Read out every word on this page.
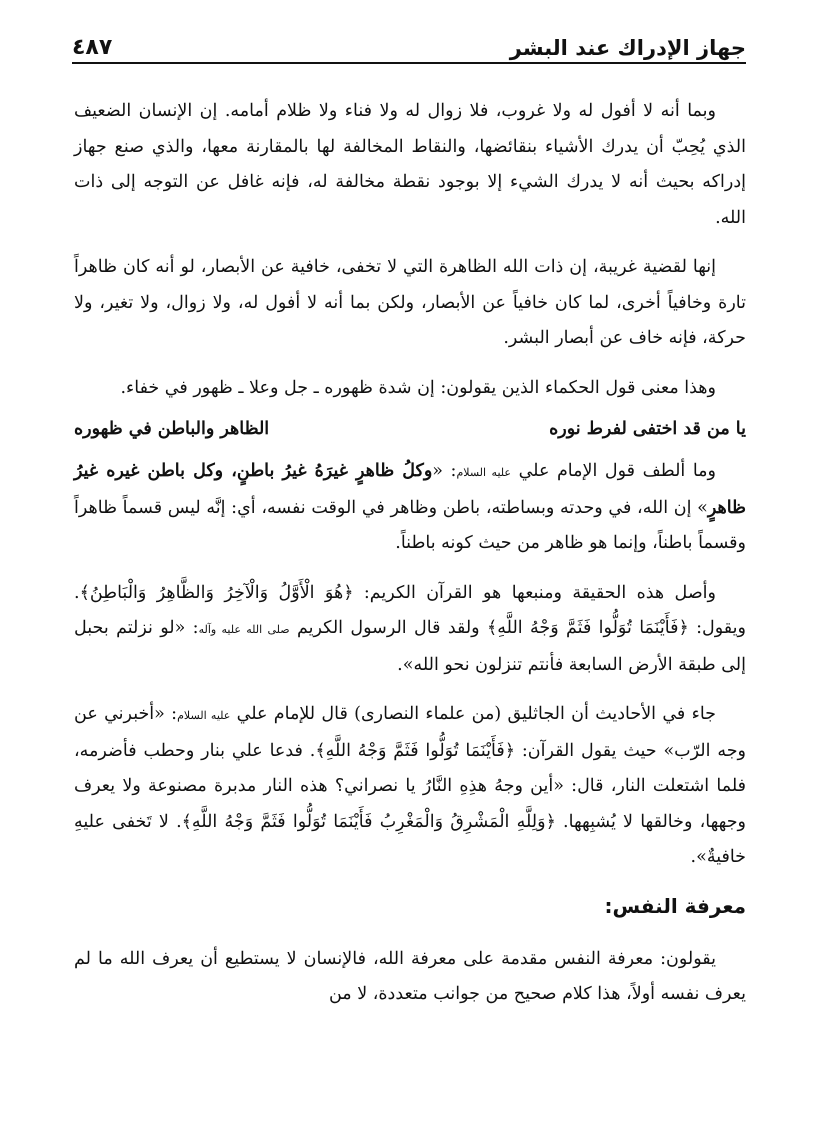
جهاز الإدراك عند البشر
٤٨٧

وبما أنه لا أفول له ولا غروب، فلا زوال له ولا فناء ولا ظلام أمامه. إن الإنسان الضعيف الذي يُحِبّ أن يدرك الأشياء بنقائضها، والنقاط المخالفة لها بالمقارنة معها، والذي صنع جهاز إدراكه بحيث أنه لا يدرك الشيء إلا بوجود نقطة مخالفة له، فإنه غافل عن التوجه إلى ذات الله.

إنها لقضية غريبة، إن ذات الله الظاهرة التي لا تخفى، خافية عن الأبصار، لو أنه كان ظاهراً تارة وخافياً أخرى، لما كان خافياً عن الأبصار، ولكن بما أنه لا أفول له، ولا زوال، ولا تغير، ولا حركة، فإنه خاف عن أبصار البشر.

وهذا معنى قول الحكماء الذين يقولون: إن شدة ظهوره ـ جل وعلا ـ ظهور في خفاء.

يا من قد اختفى لفرط نوره
الظاهر والباطن في ظهوره

وما ألطف قول الإمام علي عليه السلام: «وكلُ ظاهرٍ غيرَهُ غيرُ باطنٍ، وكل باطن غيره غيرُ ظاهرٍ» إن الله، في وحدته وبساطته، باطن وظاهر في الوقت نفسه، أي: إنَّه ليس قسماً ظاهراً وقسماً باطناً، وإنما هو ظاهر من حيث كونه باطناً.

وأصل هذه الحقيقة ومنبعها هو القرآن الكريم: ﴿هُوَ الْأَوَّلُ وَالْآخِرُ وَالظَّاهِرُ وَالْبَاطِنُ﴾. ويقول: ﴿فَأَيْنَمَا تُوَلُّوا فَثَمَّ وَجْهُ اللَّهِ﴾ ولقد قال الرسول الكريم صلى الله عليه وآله: «لو نزلتم بحبل إلى طبقة الأرض السابعة فأنتم تنزلون نحو الله».

جاء في الأحاديث أن الجاثليق (من علماء النصارى) قال للإمام علي عليه السلام: «أخبرني عن وجه الرّب» حيث يقول القرآن: ﴿فَأَيْنَمَا تُوَلُّوا فَثَمَّ وَجْهُ اللَّهِ﴾. فدعا علي بنار وحطب فأضرمه، فلما اشتعلت النار، قال: «أين وجهُ هذِهِ النَّارُ يا نصراني؟ هذه النار مدبرة مصنوعة ولا يعرف وجهها، وخالقها لا يُشبِهها. ﴿وَلِلَّهِ الْمَشْرِقُ وَالْمَغْرِبُ فَأَيْنَمَا تُوَلُّوا فَثَمَّ وَجْهُ اللَّهِ﴾. لا تَخفى عليهِ خافيةٌ».

معرفة النفس:

يقولون: معرفة النفس مقدمة على معرفة الله، فالإنسان لا يستطيع أن يعرف الله ما لم يعرف نفسه أولاً، هذا كلام صحيح من جوانب متعددة، لا من
